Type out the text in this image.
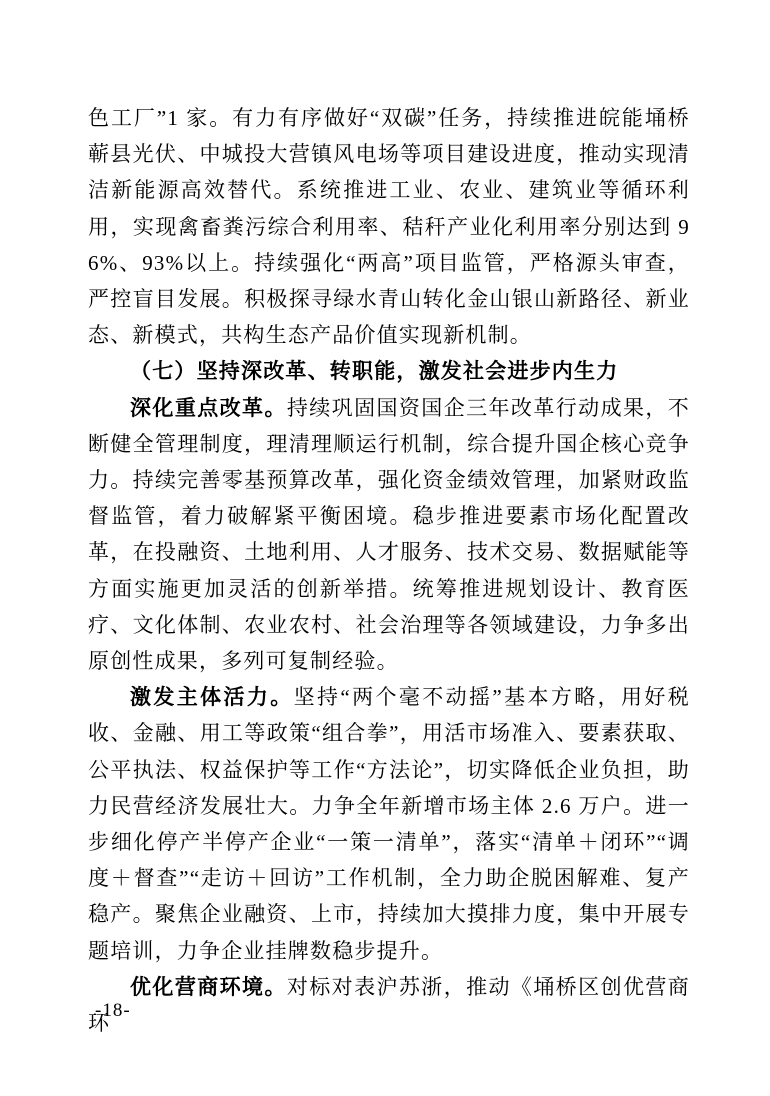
色工厂”1 家。有力有序做好“双碳”任务，持续推进皖能埇桥蕲县光伏、中城投大营镇风电场等项目建设进度，推动实现清洁新能源高效替代。系统推进工业、农业、建筑业等循环利用，实现禽畜粪污综合利用率、秸秆产业化利用率分别达到 96%、93%以上。持续强化“两高”项目监管，严格源头审查，严控盲目发展。积极探寻绿水青山转化金山银山新路径、新业态、新模式，共构生态产品价值实现新机制。

（七）坚持深改革、转职能，激发社会进步内生力

深化重点改革。持续巩固国资国企三年改革行动成果，不断健全管理制度，理清理顺运行机制，综合提升国企核心竞争力。持续完善零基预算改革，强化资金绩效管理，加紧财政监督监管，着力破解紧平衡困境。稳步推进要素市场化配置改革，在投融资、土地利用、人才服务、技术交易、数据赋能等方面实施更加灵活的创新举措。统筹推进规划设计、教育医疗、文化体制、农业农村、社会治理等各领域建设，力争多出原创性成果，多列可复制经验。

激发主体活力。坚持“两个毫不动摇”基本方略，用好税收、金融、用工等政策“组合拳”，用活市场准入、要素获取、公平执法、权益保护等工作“方法论”，切实降低企业负担，助力民营经济发展壮大。力争全年新增市场主体 2.6 万户。进一步细化停产半停产企业“一策一清单”，落实“清单＋闭环”“调度＋督查”“走访＋回访”工作机制，全力助企脱困解难、复产稳产。聚焦企业融资、上市，持续加大摸排力度，集中开展专题培训，力争企业挂牌数稳步提升。

优化营商环境。对标对表沪苏浙，推动《埇桥区创优营商环

-18-
